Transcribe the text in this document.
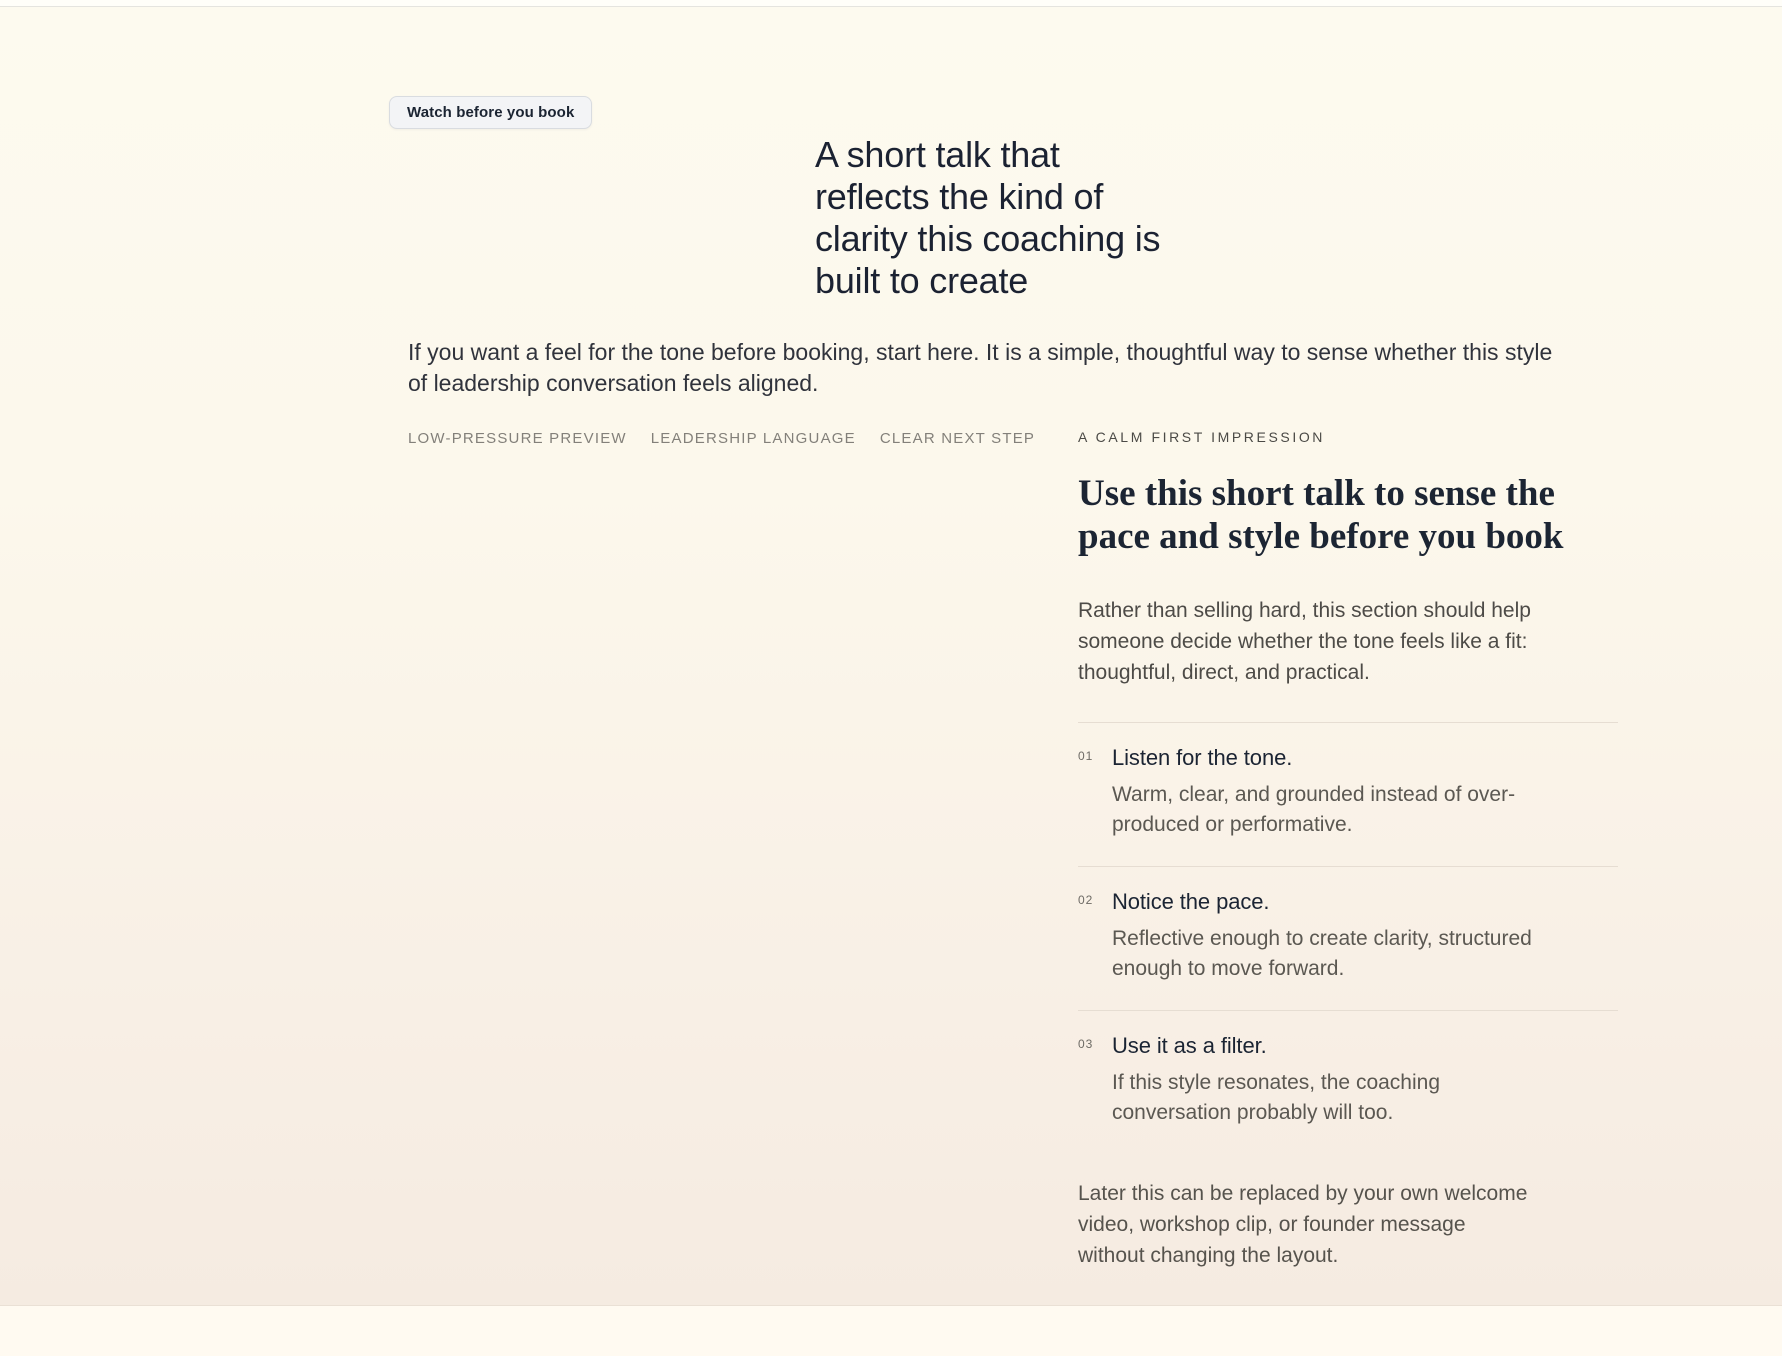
Watch before you book
A short talk that
reflects the kind of
clarity this coaching is
built to create

If you want a feel for the tone before booking, start here. It is a simple, thoughtful way to sense whether this style of leadership conversation feels aligned.

LOW-PRESSURE PREVIEW LEADERSHIP LANGUAGE CLEAR NEXT STEP	A CALM FIRST IMPRESSION
Use this short talk to sense the
pace and style before you book

Rather than selling hard, this section should help someone decide whether the tone feels like a fit: thoughtful, direct, and practical.

01 Listen for the tone.
Warm, clear, and grounded instead of over-produced or performative.
02 Notice the pace.
Reflective enough to create clarity, structured enough to move forward.
03 Use it as a filter.
If this style resonates, the coaching conversation probably will too.

Later this can be replaced by your own welcome video, workshop clip, or founder message without changing the layout.
